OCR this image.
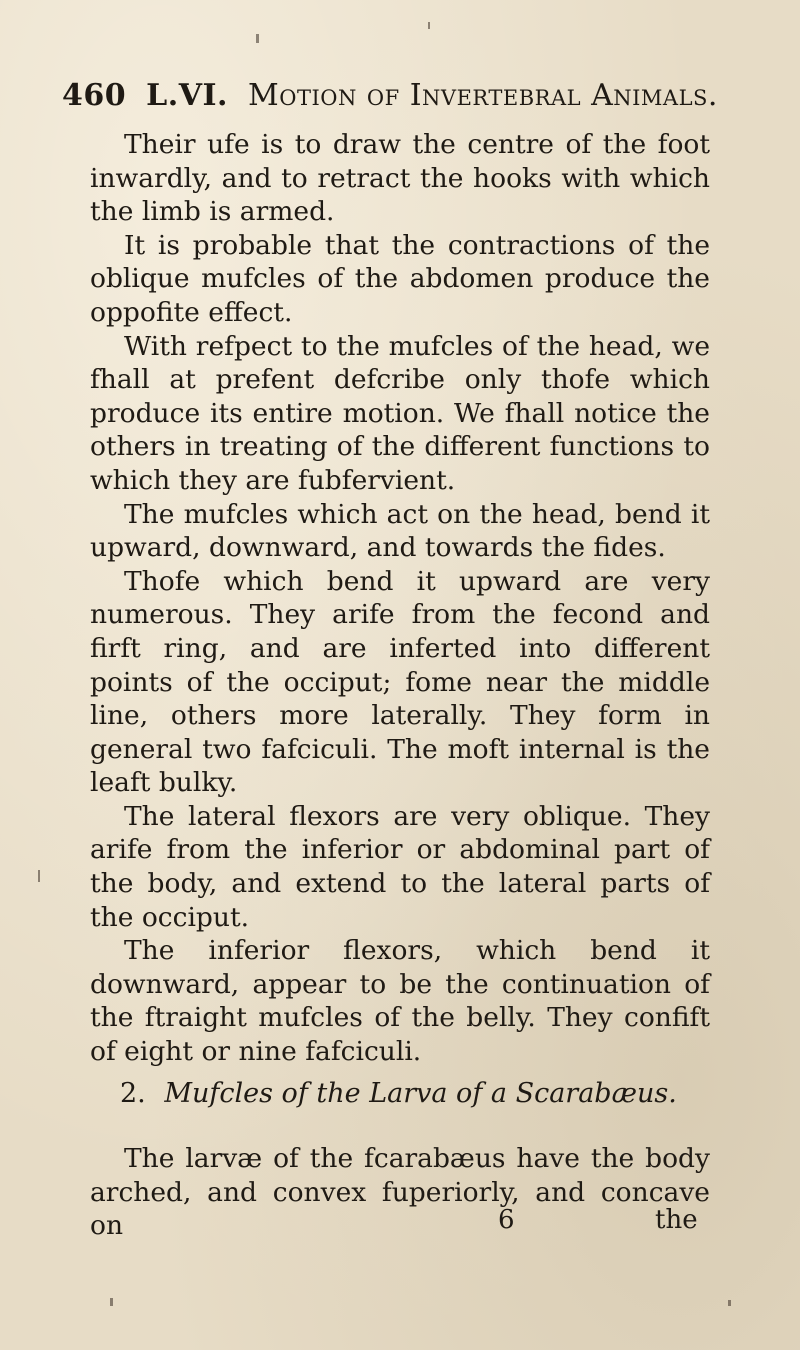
460 L.VI. Motion of Invertebral Animals.

Their ufe is to draw the centre of the foot inwardly, and to retract the hooks with which the limb is armed.

It is probable that the contractions of the oblique mufcles of the abdomen produce the oppofite effect.

With refpect to the mufcles of the head, we fhall at prefent defcribe only thofe which produce its entire motion. We fhall notice the others in treating of the different functions to which they are fubfervient.

The mufcles which act on the head, bend it upward, downward, and towards the fides.

Thofe which bend it upward are very numerous. They arife from the fecond and firft ring, and are inferted into different points of the occiput; fome near the middle line, others more laterally. They form in general two fafciculi. The moft internal is the leaft bulky.

The lateral flexors are very oblique. They arife from the inferior or abdominal part of the body, and extend to the lateral parts of the occiput.

The inferior flexors, which bend it downward, appear to be the continuation of the ftraight mufcles of the belly. They confift of eight or nine fafciculi.

2. Mufcles of the Larva of a Scarabæus.

The larvæ of the fcarabæus have the body arched, and convex fuperiorly, and concave on	6	the
